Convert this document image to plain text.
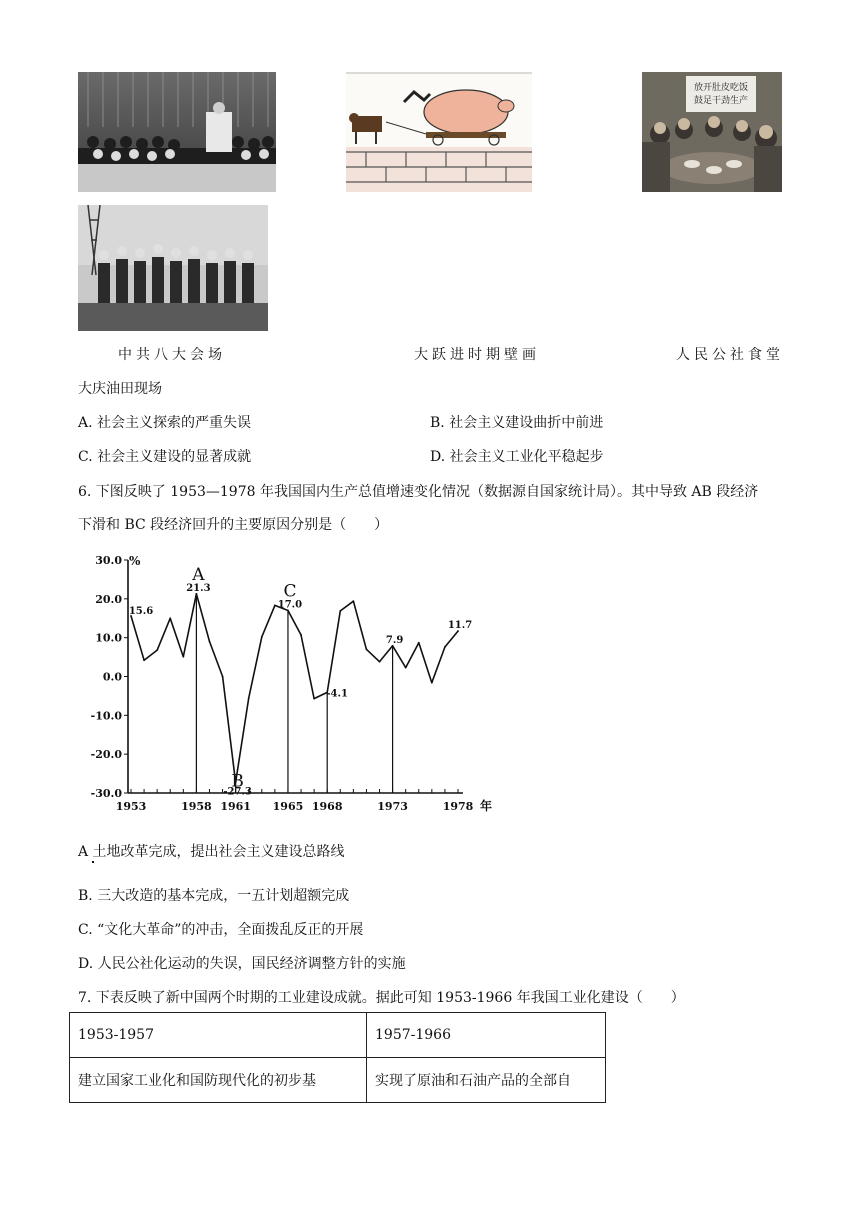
放开肚皮吃饭
鼓足干劲生产
中共八大会场	大跃进时期壁画	人民公社食堂
大庆油田现场
A. 社会主义探索的严重失误	B. 社会主义建设曲折中前进
C. 社会主义建设的显著成就	D. 社会主义工业化平稳起步
6. 下图反映了 1953—1978 年我国国内生产总值增速变化情况（数据源自国家统计局）。其中导致 AB 段经济
下滑和 BC 段经济回升的主要原因分别是（　　）
30.0
20.0
10.0
0.0
-10.0
-20.0
-30.0
%
1953	1958 1961 1965 1968	1973	1978 年
15.6
21.3
-27.3
17.0
-4.1
7.9
11.7
A
B
C
A 土地改革完成，提出社会主义建设总路线
B. 三大改造的基本完成，一五计划超额完成
C. “文化大革命”的冲击，全面拨乱反正的开展
D. 人民公社化运动的失误，国民经济调整方针的实施
7. 下表反映了新中国两个时期的工业建设成就。据此可知 1953-1966 年我国工业化建设（　　）
1953-1957	1957-1966
建立国家工业化和国防现代化的初步基	实现了原油和石油产品的全部自
